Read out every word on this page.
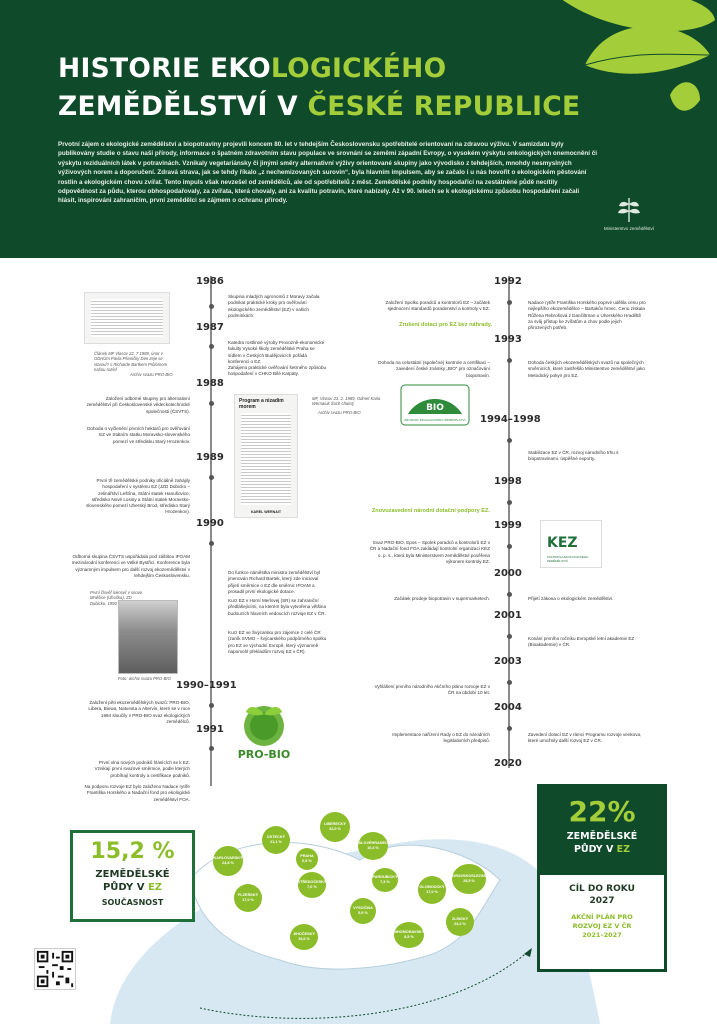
HISTORIE EKOLOGICKÉHO
ZEMĚDĚLSTVÍ V ČESKÉ REPUBLICE
Prvotní zájem o ekologické zemědělství a biopotraviny projevili koncem 80. let v tehdejším Československu spotřebitelé orientovaní na zdravou výživu. V samizdatu byly publikovány studie o stavu naší přírody, informace o špatném zdravotním stavu populace ve srovnání se zeměmi západní Evropy, o vysokém výskytu onkologických onemocnění či výskytu reziduálních látek v potravinách. Vznikaly vegetariánsky či jinými směry alternativní výživy orientované skupiny jako vývodisko z tehdejších, mnohdy nesmyslných výživových norem a doporučení. Zdravá strava, jak se tehdy říkalo „z nechemizovaných surovin“, byla hlavním impulsem, aby se začalo i u nás hovořit o ekologickém pěstování rostlin a ekologickém chovu zvířat. Tento impuls však nevzešel od zemědělců, ale od spotřebitelů z měst. Zemědělské podniky hospodařící na zestátněné půdě necítily odpovědnost za půdu, kterou obhospodařovaly, za zvířata, která chovaly, ani za kvalitu potravin, které nabízely. Až v 90. letech se k ekologickému způsobu hospodaření začali hlásit, inspirováni zahraničím, první zemědělci se zájmem o ochranu přírody.
Ministerstvo zemědělství
1986
1987
1988
1989
1990
1990–1991
1991
Článek MF Vlasov 22. 7 1989, únor v ODHŮm Pavla Pšeničky Den zeje se staroví? s Richarde Bartkem Průlomom našou rozleř
Archiv svazu PRO-BIO
Skupina mladých agronomů z Moravy začala podnikat praktické kroky pro ověřování ekologického zemědělství (EZ) v našich podmínkách.
Katedra rostlinné výroby Provozně-ekonomické fakulty Vysoké školy zemědělské Praha se sídlem v Českých Budějovicích pořádá konferenci o EZ.
Zahájeno praktické ověřování šetrného způsobu hospodaření v CHKO Bílé Karpaty.
Založení odborné skupiny pro alternativní zemědělství při Československé vědeckotechnické společnosti (ČSVTS).
Dohoda o vyčlenění prvních hektarů pro ověřování EZ ve Státním statku Moravsko-slovenského pomezí ve středisku Starý Hrozenkov.
První tři zemědělské podniky oficiálně zahájily hospodaření v systému EZ (JZD Dubicko – zelinářství Lešťina, Státní statek Hanušovice, středisko Nové Losiny a Státní statek Moravsko-slovenského pomezí Uherský Brod, středisko Starý Hrozenkov).
Program a nizadim morem
KAREL WERNAIT
MF, Vlasov 23. 2. 1989, Odmet Karla Wernaiuk Šoch chaintj
Archiv svazu PRO-BIO
Odborná skupina ČSVTS uspořádala pod záštitou IFOAM mezinárodní konferenci ve Velké Bystřici. Konference byla významným impulsem pro další rozvoj ekozemědělství v tehdejším Československu.
První člsvěř lokoceř v osovo Mněšice (Uhuška), ZD Dubicko, 1990
Foto: archiv svazu PRO-BIO
Do funkce náměstka ministra zemědělství byl jmenován Richard Bartek, který zde inicioval přijetí směrnice o EZ dle směrnic IFOAM a prosadil první ekologické dotace.
Kurz EZ v Horní Merlovej (SR) se zahraniční předlášejícími, na kterém byla vytvořena většina budoucích hlavních vedoucích rozvoje EZ v ČR.
Kurz EZ ve Švýcarsku pro zájemce z celé ČR (zaník SVMO – švýcarského podpůrného spolku pro EZ ve východní Evropě, který významně napomohl překladům rozvoj EZ v ČR).
Založení pěti ekozemědělských svazů: PRO-BIO, Libera, Biowa, Naturvita a Altervin, které se v roce 1994 sloučily v PRO-BIO svaz ekologických zemědělců.
První vlna nových podniků hlásících se k EZ. Vznikají první svazové směrnice, podle kterých probíhají kontroly a certifikace podniků.
Na podporu rozvoje EZ bylo založeno Nadace rytíře Františka Horského a Nadační fond pro ekologické zemědělství FOA.
PRO-BIO
1992
1993
1994–1998
1998
1999
2000
2001
2003
2004
2020
Založení Spolku poradců a kontrolorů EZ – začátek sjednocení standardů poradenství a kontroly v EZ.
Zrušení dotací pro EZ bez náhrady.
Nadace rytíře Františka Horského poprvé udělila cenu pro nejlepšího ekozemědělce – Bartakův hrnec. Cenu získala Růžena Rebrošová z Dančiltrnan u Uherského Hradiště za svůj přístup ke zvířatům a chov podle jejich přirozených potřeb.
Dohoda na celostátní (společné) kontrole a certifikaci – zavedení české známky „BIO“ pro označování biopotravin.
Dohoda českých ekozemědělských svazů na společných směrnicích, které zastřešilo Ministerstvo zemědělství jako Metodický pokyn pro EZ.
BIO
PRODUKT EKOLOGICKÉHO ZEMĚDĚLSTVÍ
Stabilizace EZ v ČR, rozvoj národního trhu s biopotravinami, úspěšné exporty.
Znovuzavedení národní dotační podpory EZ.
Svaz PRO-BIO, Epos – Spolek poradců a kontrolorů EZ v ČR a Nadační fond FOA zakládají kontrolní organizaci KEZ o. p. s., která byla Ministerstvem zemědělství pověřena výkonem kontroly EZ.
KEZ
KONTROLA EKOLOGICKÉHO ZEMĚDĚLSTVÍ
Začátek prodeje biopotravin v supermarketech.	Přijetí zákona o ekologickém zemědělství.
Konání prvního ročníku Evropské letní akademie EZ (Bioakademie) v ČR.
Vyhlášení prvního národního Akčního plánu rozvoje EZ v ČR na období 10 let.
Implementace nařízení Rady o EZ do národních legislativních předpisů.
Zavedení dotací EZ v rámci Programu rozvoje venkova, které umožnily další rozvoj EZ v ČR.
KARLOVARSKÝ
24,8 %
ÚSTECKÝ
21,1 %
LIBERECKÝ
32,0 %
PRAHA
0,5 %
STŘEDOČESKÝ
7,6 %
KRÁLOVÉHRADECKÝ
10,4 %
PARDUBICKÝ
7,3 %
PLZEŇSKÝ
17,0 %
VYSOČINA
5,9 %
JIHOČESKÝ
19,6 %
JIHOMORAVSKÝ
8,5 %
OLOMOUCKÝ
17,0 %
MORAVSKOSLEZSKÝ
28,5 %
ZLÍNSKÝ
24,2 %
15,2 %
ZEMĚDĚLSKÉ
PŮDY V EZ
SOUČASNOST
22%
ZEMĚDĚLSKÉ
PŮDY V EZ
CÍL DO ROKU
2027
AKČNÍ PLÁN PRO
ROZVOJ EZ V ČR
2021–2027
